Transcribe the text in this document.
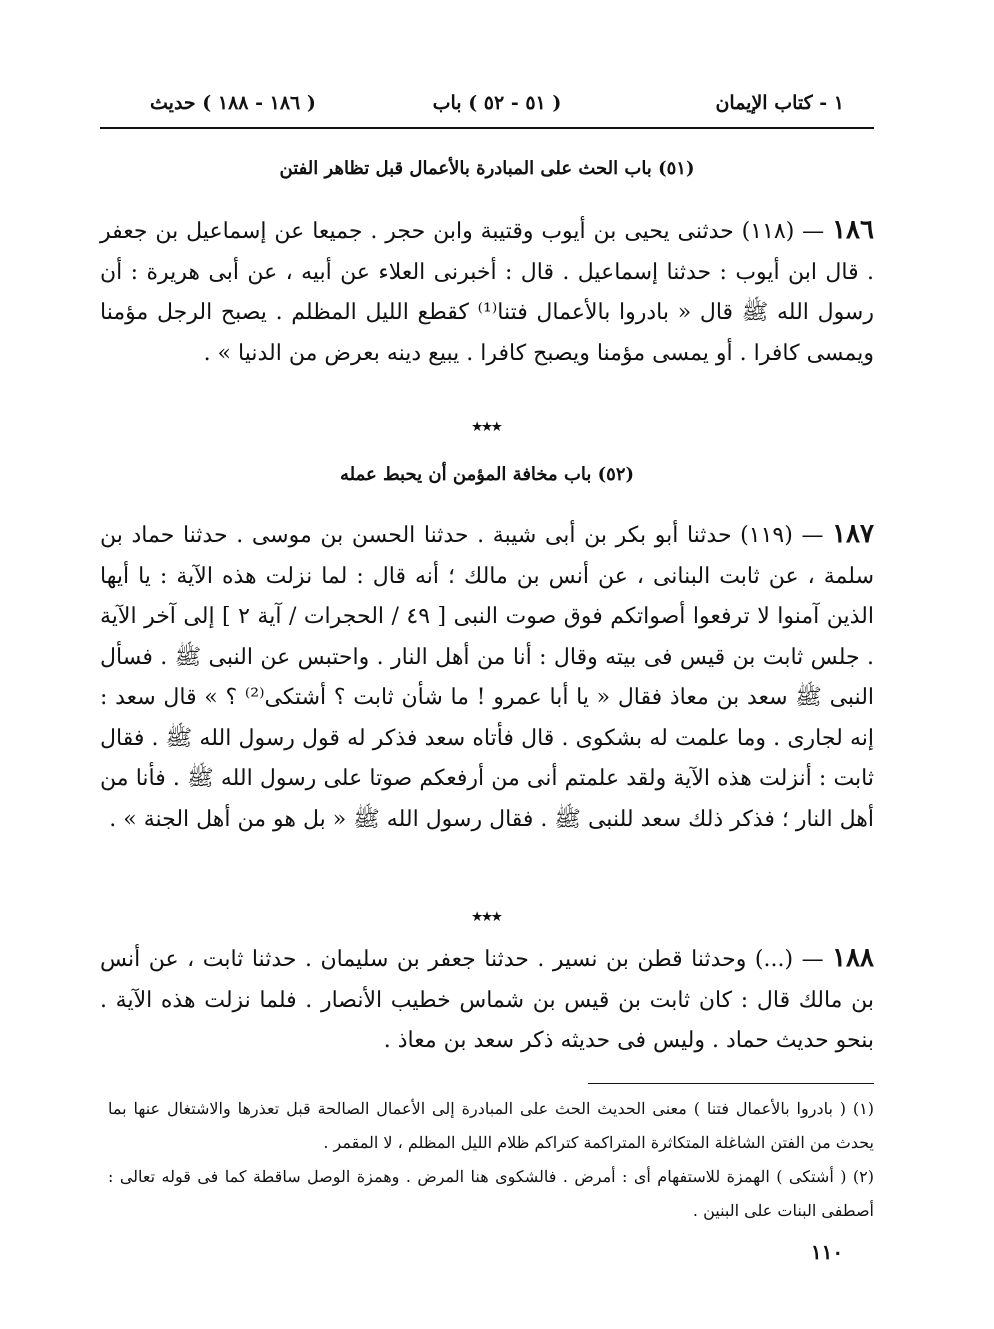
١ - كتاب الإيمان
( ٥١ - ٥٢ ) باب
( ١٨٦ - ١٨٨ ) حديث
(٥١) باب الحث على المبادرة بالأعمال قبل تظاهر الفتن
١٨٦ — (١١٨) حدثنى يحيى بن أيوب وقتيبة وابن حجر . جميعا عن إسماعيل بن جعفر . قال ابن أيوب : حدثنا إسماعيل . قال : أخبرنى العلاء عن أبيه ، عن أبى هريرة : أن رسول الله ﷺ قال « بادروا بالأعمال فتنا⁽¹⁾ كقطع الليل المظلم . يصبح الرجل مؤمنا ويمسى كافرا . أو يمسى مؤمنا ويصبح كافرا . يبيع دينه بعرض من الدنيا » .
٭٭٭
(٥٢) باب مخافة المؤمن أن يحبط عمله
١٨٧ — (١١٩) حدثنا أبو بكر بن أبى شيبة . حدثنا الحسن بن موسى . حدثنا حماد بن سلمة ، عن ثابت البنانى ، عن أنس بن مالك ؛ أنه قال : لما نزلت هذه الآية : يا أيها الذين آمنوا لا ترفعوا أصواتكم فوق صوت النبى [ ٤٩ / الحجرات / آية ٢ ] إلى آخر الآية . جلس ثابت بن قيس فى بيته وقال : أنا من أهل النار . واحتبس عن النبى ﷺ . فسأل النبى ﷺ سعد بن معاذ فقال « يا أبا عمرو ! ما شأن ثابت ؟ أشتكى⁽²⁾ ؟ » قال سعد : إنه لجارى . وما علمت له بشكوى . قال فأتاه سعد فذكر له قول رسول الله ﷺ . فقال ثابت : أنزلت هذه الآية ولقد علمتم أنى من أرفعكم صوتا على رسول الله ﷺ . فأنا من أهل النار ؛ فذكر ذلك سعد للنبى ﷺ . فقال رسول الله ﷺ « بل هو من أهل الجنة » .
٭٭٭
١٨٨ — (...) وحدثنا قطن بن نسير . حدثنا جعفر بن سليمان . حدثنا ثابت ، عن أنس بن مالك قال : كان ثابت بن قيس بن شماس خطيب الأنصار . فلما نزلت هذه الآية . بنحو حديث حماد . وليس فى حديثه ذكر سعد بن معاذ .
(١) ( بادروا بالأعمال فتنا ) معنى الحديث الحث على المبادرة إلى الأعمال الصالحة قبل تعذرها والاشتغال عنها بما يحدث من الفتن الشاغلة المتكاثرة المتراكمة كتراكم ظلام الليل المظلم ، لا المقمر .
(٢) ( أشتكى ) الهمزة للاستفهام أى : أمرض . فالشكوى هنا المرض . وهمزة الوصل ساقطة كما فى قوله تعالى : أصطفى البنات على البنين .
١١٠
